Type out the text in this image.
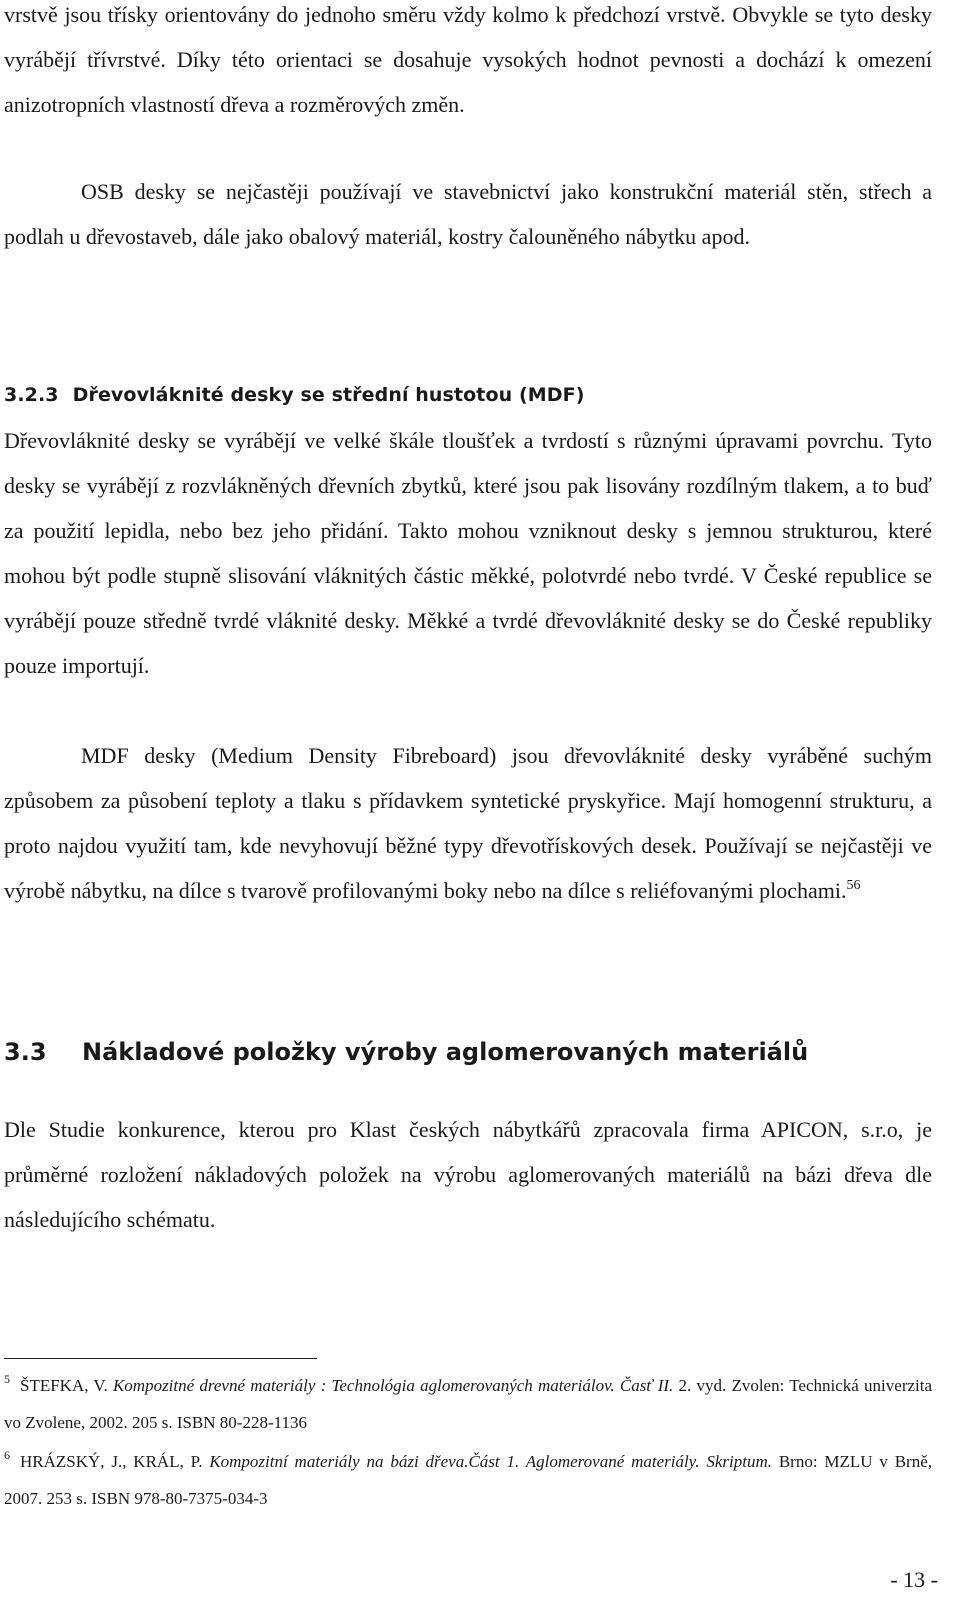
vrstvě jsou třísky orientovány do jednoho směru vždy kolmo k předchozí vrstvě. Obvykle se tyto desky vyrábějí třívrstvé. Díky této orientaci se dosahuje vysokých hodnot pevnosti a dochází k omezení anizotropních vlastností dřeva a rozměrových změn.

OSB desky se nejčastěji používají ve stavebnictví jako konstrukční materiál stěn, střech a podlah u dřevostaveb, dále jako obalový materiál, kostry čalouněného nábytku apod.

3.2.3 Dřevovláknité desky se střední hustotou (MDF)

Dřevovláknité desky se vyrábějí ve velké škále tloušťek a tvrdostí s různými úpravami povrchu. Tyto desky se vyrábějí z rozvlákněných dřevních zbytků, které jsou pak lisovány rozdílným tlakem, a to buď za použití lepidla, nebo bez jeho přidání. Takto mohou vzniknout desky s jemnou strukturou, které mohou být podle stupně slisování vláknitých částic měkké, polotvrdé nebo tvrdé. V České republice se vyrábějí pouze středně tvrdé vláknité desky. Měkké a tvrdé dřevovláknité desky se do České republiky pouze importují.

MDF desky (Medium Density Fibreboard) jsou dřevovláknité desky vyráběné suchým způsobem za působení teploty a tlaku s přídavkem syntetické pryskyřice. Mají homogenní strukturu, a proto najdou využití tam, kde nevyhovují běžné typy dřevotřískových desek. Používají se nejčastěji ve výrobě nábytku, na dílce s tvarově profilovanými boky nebo na dílce s reliéfovanými plochami.$^{56}$

3.3 Nákladové položky výroby aglomerovaných materiálů

Dle Studie konkurence, kterou pro Klast českých nábytkářů zpracovala firma APICON, s.r.o, je průměrné rozložení nákladových položek na výrobu aglomerovaných materiálů na bázi dřeva dle následujícího schématu.

$^5$ ŠTEFKA, V. Kompozitné drevné materiály : Technológia aglomerovaných materiálov. Časť II. 2. vyd. Zvolen: Technická univerzita vo Zvolene, 2002. 205 s. ISBN 80-228-1136

$^6$ HRÁZSKÝ, J., KRÁL, P. Kompozitní materiály na bázi dřeva.Část 1. Aglomerované materiály. Skriptum. Brno: MZLU v Brně, 2007. 253 s. ISBN 978-80-7375-034-3

- 13 -
